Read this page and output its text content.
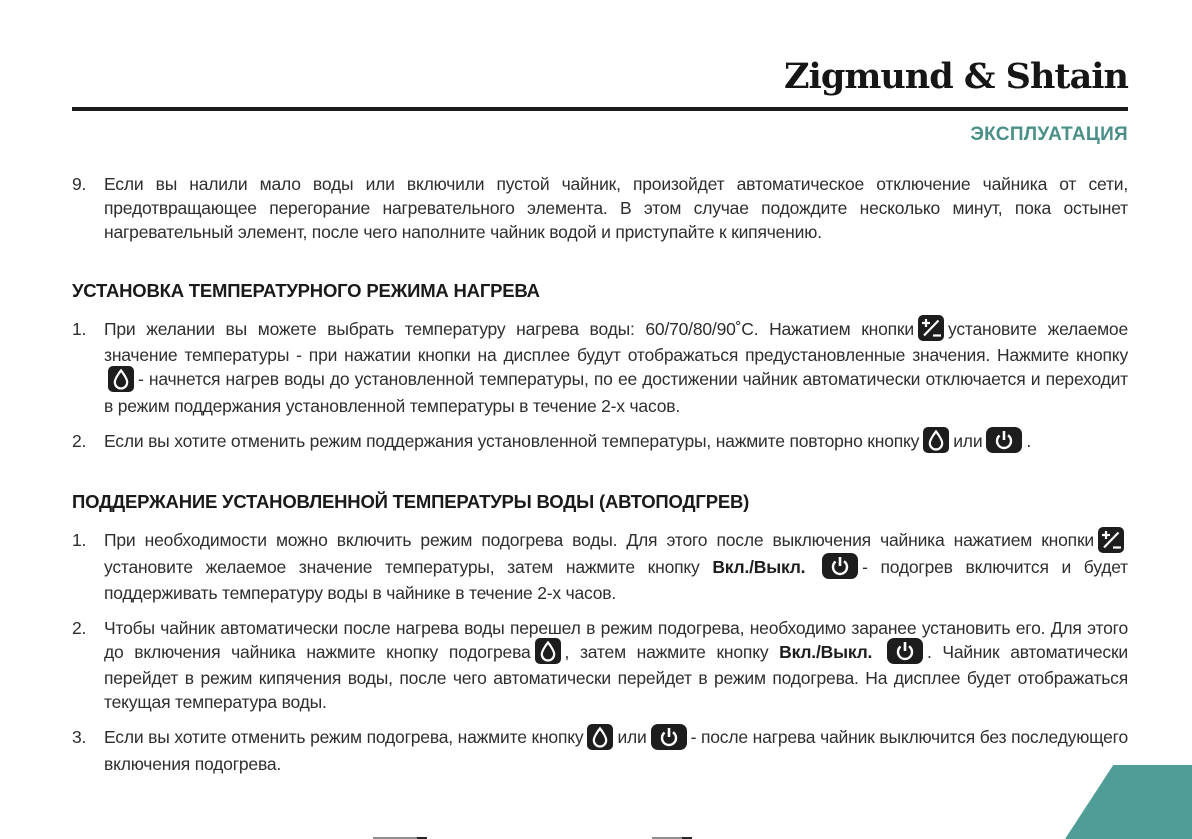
Zigmund & Shtain
ЭКСПЛУАТАЦИЯ
9.	Если вы налили мало воды или включили пустой чайник, произойдет автоматическое отключение чайника от сети, предотвращающее перегорание нагревательного элемента. В этом случае подождите несколько минут, пока остынет нагревательный элемент, после чего наполните чайник водой и приступайте к кипячению.
УСТАНОВКА ТЕМПЕРАТУРНОГО РЕЖИМА НАГРЕВА
1.	При желании вы можете выбрать температуру нагрева воды: 60/70/80/90˚С. Нажатием кнопки установите желаемое значение температуры - при нажатии кнопки на дисплее будут отображаться предустановленные значения. Нажмите кнопку
- начнется нагрев воды до установленной температуры, по ее достижении чайник автоматически отключается и переходит в режим поддержания установленной температуры в течение 2-х часов.
2.	Если вы хотите отменить режим поддержания установленной температуры, нажмите повторно кнопку или	.
ПОДДЕРЖАНИЕ УСТАНОВЛЕННОЙ ТЕМПЕРАТУРЫ ВОДЫ (АВТОПОДГРЕВ)
1.	При необходимости можно включить режим подогрева воды. Для этого после выключения чайника нажатием кнопки
установите желаемое значение температуры, затем нажмите кнопку Вкл./Выкл.	- подогрев включится и будет поддерживать температуру воды в чайнике в течение 2-х часов.
2.	Чтобы чайник автоматически после нагрева воды перешел в режим подогрева, необходимо заранее установить его. Для этого до включения чайника нажмите кнопку подогрева , затем нажмите кнопку Вкл./Выкл.	. Чайник автоматически перейдет в режим кипячения воды, после чего автоматически перейдет в режим подогрева. На дисплее будет отображаться текущая температура воды.
3.	Если вы хотите отменить режим подогрева, нажмите кнопку или	- после нагрева чайник выключится без последующего включения подогрева.
